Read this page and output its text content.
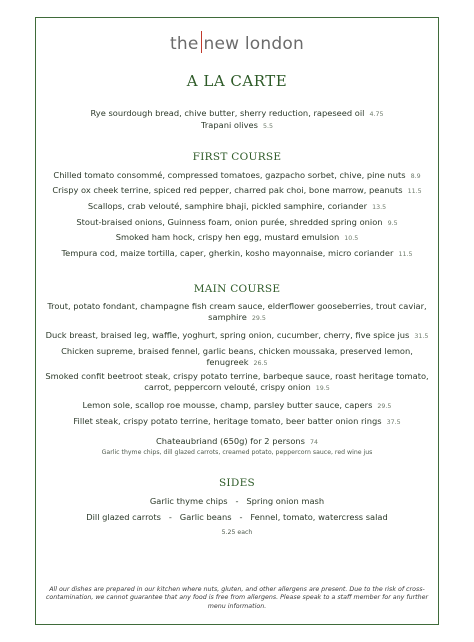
the new london
A LA CARTE
Rye sourdough bread, chive butter, sherry reduction, rapeseed oil 4.75
Trapani olives 5.5
FIRST COURSE
Chilled tomato consommé, compressed tomatoes, gazpacho sorbet, chive, pine nuts 8.9
Crispy ox cheek terrine, spiced red pepper, charred pak choi, bone marrow, peanuts 11.5
Scallops, crab velouté, samphire bhaji, pickled samphire, coriander 13.5
Stout-braised onions, Guinness foam, onion purée, shredded spring onion 9.5
Smoked ham hock, crispy hen egg, mustard emulsion 10.5
Tempura cod, maize tortilla, caper, gherkin, kosho mayonnaise, micro coriander 11.5
MAIN COURSE
Trout, potato fondant, champagne fish cream sauce, elderflower gooseberries, trout caviar,
samphire 29.5
Duck breast, braised leg, waffle, yoghurt, spring onion, cucumber, cherry, five spice jus 31.5
Chicken supreme, braised fennel, garlic beans, chicken moussaka, preserved lemon,
fenugreek 26.5
Smoked confit beetroot steak, crispy potato terrine, barbeque sauce, roast heritage tomato,
carrot, peppercorn velouté, crispy onion 19.5
Lemon sole, scallop roe mousse, champ, parsley butter sauce, capers 29.5
Fillet steak, crispy potato terrine, heritage tomato, beer batter onion rings 37.5
Chateaubriand (650g) for 2 persons 74
Garlic thyme chips, dill glazed carrots, creamed potato, peppercorn sauce, red wine jus
SIDES
Garlic thyme chips   -   Spring onion mash
Dill glazed carrots   -   Garlic beans   -   Fennel, tomato, watercress salad
5.25 each
All our dishes are prepared in our kitchen where nuts, gluten, and other allergens are present. Due to the risk of cross-contamination, we cannot guarantee that any food is free from allergens. Please speak to a staff member for any further menu information.
